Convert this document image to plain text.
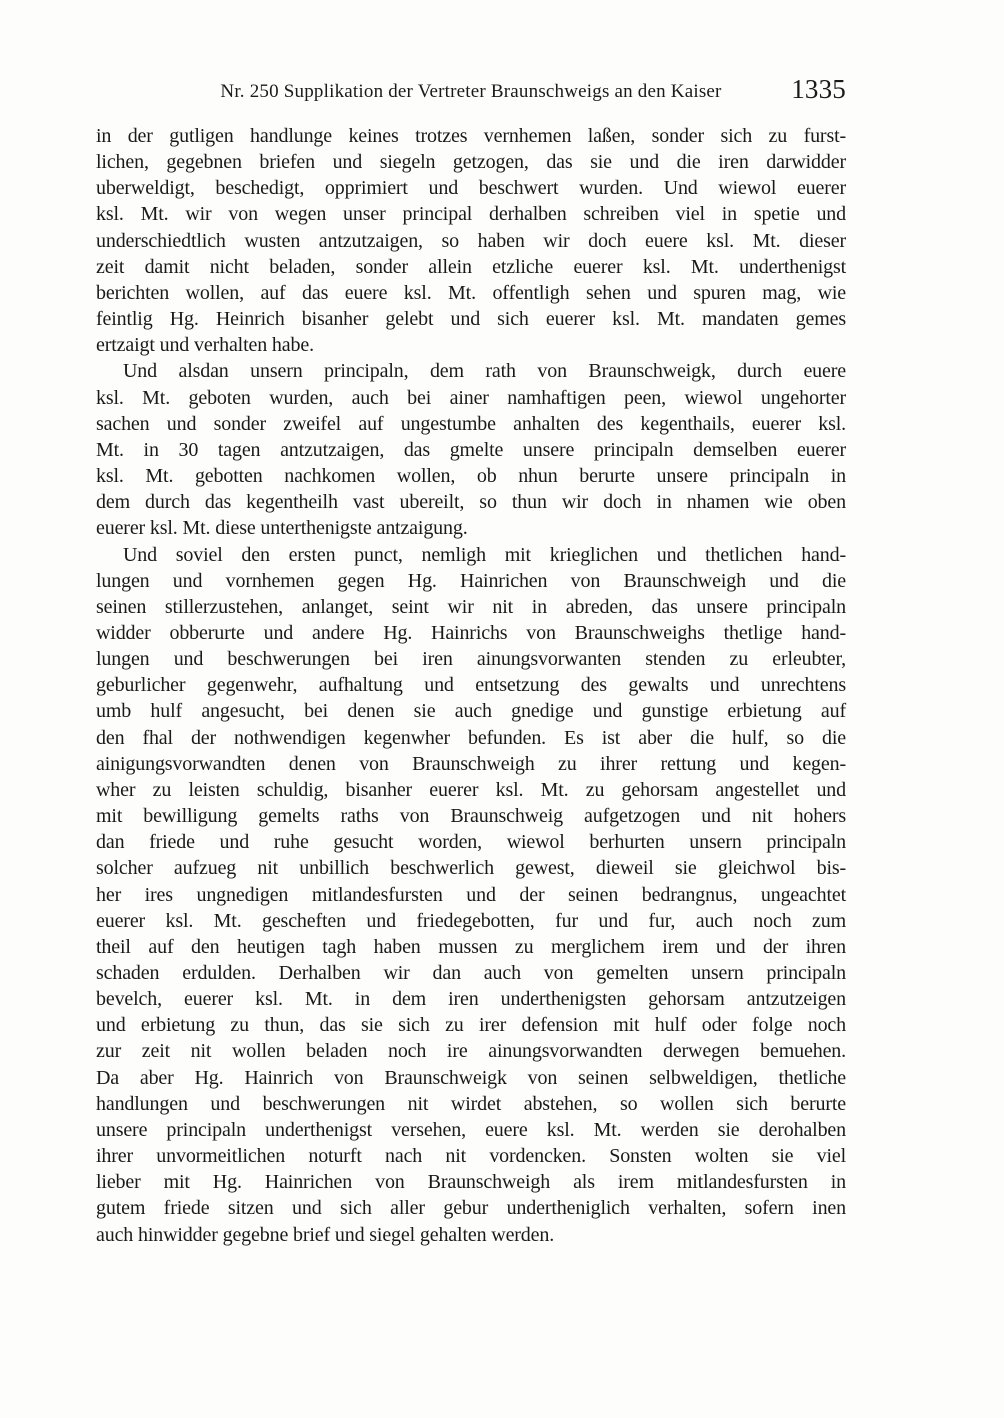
Nr. 250 Supplikation der Vertreter Braunschweigs an den Kaiser	1335
in der gutligen handlunge keines trotzes vernhemen laßen, sonder sich zu furst-
lichen, gegebnen briefen und siegeln getzogen, das sie und die iren darwidder
uberweldigt, beschedigt, opprimiert und beschwert wurden. Und wiewol euerer
ksl. Mt. wir von wegen unser principal derhalben schreiben viel in spetie und
underschiedtlich wusten antzutzaigen, so haben wir doch euere ksl. Mt. dieser
zeit damit nicht beladen, sonder allein etzliche euerer ksl. Mt. underthenigst
berichten wollen, auf das euere ksl. Mt. offentligh sehen und spuren mag, wie
feintlig Hg. Heinrich bisanher gelebt und sich euerer ksl. Mt. mandaten gemes
ertzaigt und verhalten habe.
Und alsdan unsern principaln, dem rath von Braunschweigk, durch euere
ksl. Mt. geboten wurden, auch bei ainer namhaftigen peen, wiewol ungehorter
sachen und sonder zweifel auf ungestumbe anhalten des kegenthails, euerer ksl.
Mt. in 30 tagen antzutzaigen, das gmelte unsere principaln demselben euerer
ksl. Mt. gebotten nachkomen wollen, ob nhun berurte unsere principaln in
dem durch das kegentheilh vast ubereilt, so thun wir doch in nhamen wie oben
euerer ksl. Mt. diese unterthenigste antzaigung.
Und soviel den ersten punct, nemligh mit krieglichen und thetlichen hand-
lungen und vornhemen gegen Hg. Hainrichen von Braunschweigh und die
seinen stillerzustehen, anlanget, seint wir nit in abreden, das unsere principaln
widder obberurte und andere Hg. Hainrichs von Braunschweighs thetlige hand-
lungen und beschwerungen bei iren ainungsvorwanten stenden zu erleubter,
geburlicher gegenwehr, aufhaltung und entsetzung des gewalts und unrechtens
umb hulf angesucht, bei denen sie auch gnedige und gunstige erbietung auf
den fhal der nothwendigen kegenwher befunden. Es ist aber die hulf, so die
ainigungsvorwandten denen von Braunschweigh zu ihrer rettung und kegen-
wher zu leisten schuldig, bisanher euerer ksl. Mt. zu gehorsam angestellet und
mit bewilligung gemelts raths von Braunschweig aufgetzogen und nit hohers
dan friede und ruhe gesucht worden, wiewol berhurten unsern principaln
solcher aufzueg nit unbillich beschwerlich gewest, dieweil sie gleichwol bis-
her ires ungnedigen mitlandesfursten und der seinen bedrangnus, ungeachtet
euerer ksl. Mt. gescheften und friedegebotten, fur und fur, auch noch zum
theil auf den heutigen tagh haben mussen zu merglichem irem und der ihren
schaden erdulden. Derhalben wir dan auch von gemelten unsern principaln
bevelch, euerer ksl. Mt. in dem iren underthenigsten gehorsam antzutzeigen
und erbietung zu thun, das sie sich zu irer defension mit hulf oder folge noch
zur zeit nit wollen beladen noch ire ainungsvorwandten derwegen bemuehen.
Da aber Hg. Hainrich von Braunschweigk von seinen selbweldigen, thetliche
handlungen und beschwerungen nit wirdet abstehen, so wollen sich berurte
unsere principaln underthenigst versehen, euere ksl. Mt. werden sie derohalben
ihrer unvormeitlichen noturft nach nit vordencken. Sonsten wolten sie viel
lieber mit Hg. Hainrichen von Braunschweigh als irem mitlandesfursten in
gutem friede sitzen und sich aller gebur undertheniglich verhalten, sofern inen
auch hinwidder gegebne brief und siegel gehalten werden.
